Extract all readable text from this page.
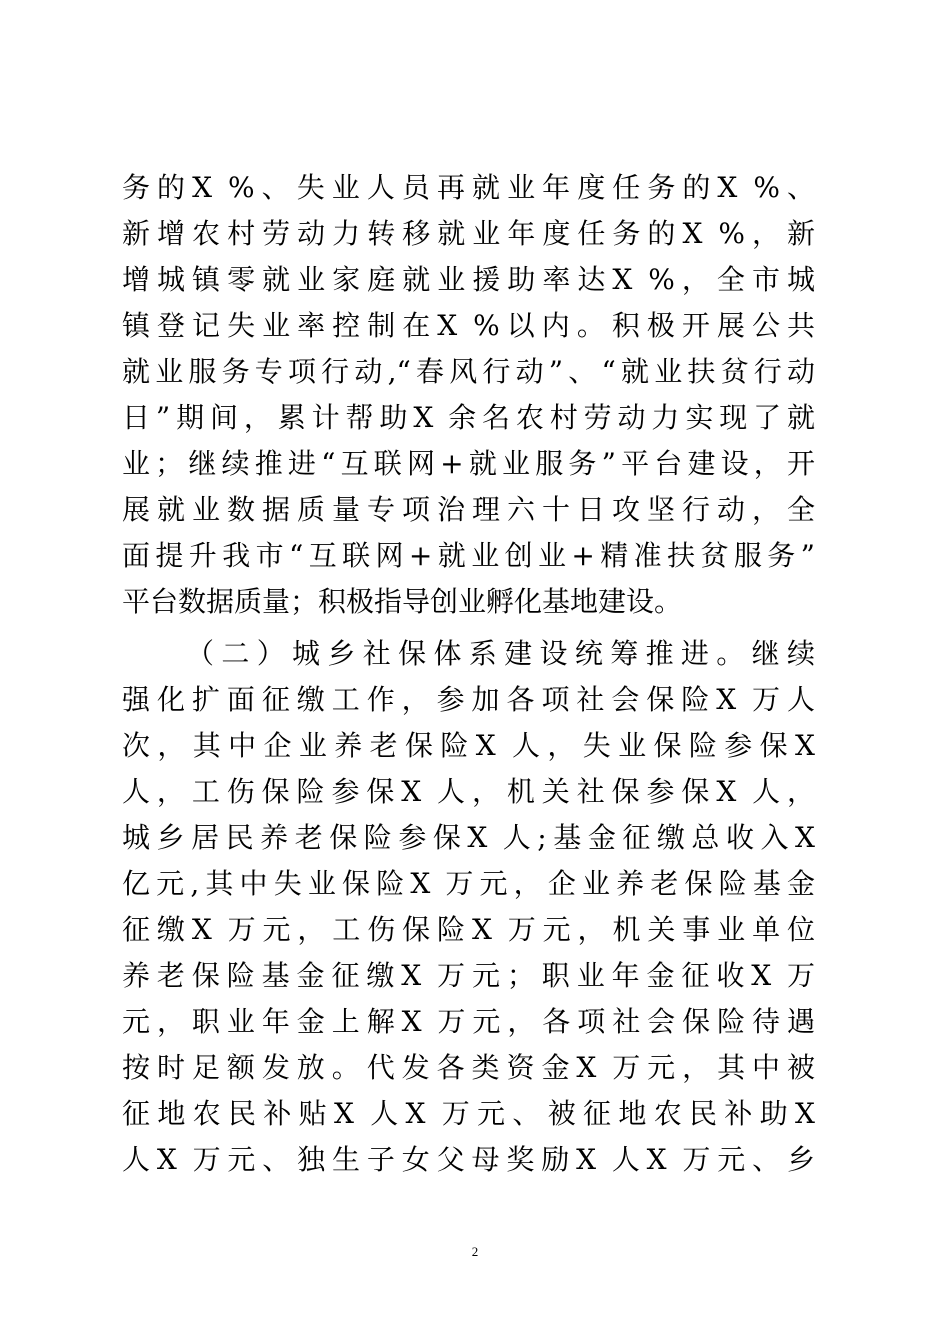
务的X %、失业人员再就业年度任务的X %、
新增农村劳动力转移就业年度任务的X %，新
增城镇零就业家庭就业援助率达X %，全市城
镇登记失业率控制在X %以内。积极开展公共
就业服务专项行动,“春风行动”、“就业扶贫行动
日”期间，累计帮助X 余名农村劳动力实现了就
业；继续推进“互联网+就业服务”平台建设，开
展就业数据质量专项治理六十日攻坚行动，全
面提升我市“互联网+就业创业+精准扶贫服务”
平台数据质量；积极指导创业孵化基地建设。
（二）城乡社保体系建设统筹推进。继续
强化扩面征缴工作，参加各项社会保险X 万人
次，其中企业养老保险X 人，失业保险参保X
人，工伤保险参保X 人，机关社保参保X 人，
城乡居民养老保险参保X 人;基金征缴总收入X
亿元,其中失业保险X 万元，企业养老保险基金
征缴X 万元，工伤保险X 万元，机关事业单位
养老保险基金征缴X 万元；职业年金征收X 万
元，职业年金上解X 万元，各项社会保险待遇
按时足额发放。代发各类资金X 万元，其中被
征地农民补贴X 人X 万元、被征地农民补助X
人X 万元、独生子女父母奖励X 人X 万元、乡
2
